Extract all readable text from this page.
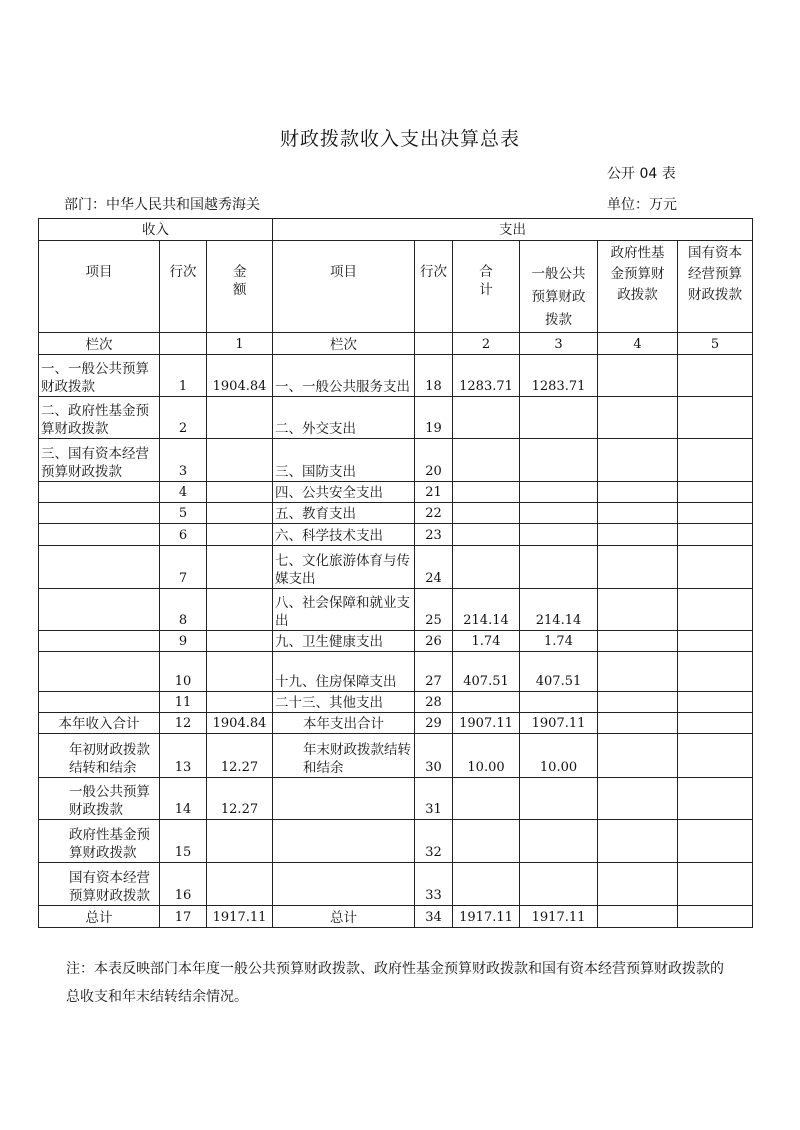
财政拨款收入支出决算总表
公开 04 表
部门：中华人民共和国越秀海关	单位：万元
收入			支出					
项目	行次	金额	项目	行次	合计	一般公共预算财政拨款	政府性基金预算财政拨款	国有资本经营预算财政拨款
栏次		1	栏次		2	3	4	5
一、一般公共预算财政拨款	1	1904.84	一、一般公共服务支出	18	1283.71	1283.71		
二、政府性基金预算财政拨款	2		二、外交支出	19				
三、国有资本经营预算财政拨款	3		三、国防支出	20				
	4		四、公共安全支出	21				
	5		五、教育支出	22				
	6		六、科学技术支出	23				
	7		七、文化旅游体育与传媒支出	24				
	8		八、社会保障和就业支出	25	214.14	214.14		
	9		九、卫生健康支出	26	1.74	1.74		
	10		十九、住房保障支出	27	407.51	407.51		
	11		二十三、其他支出	28				
本年收入合计	12	1904.84	本年支出合计	29	1907.11	1907.11		
年初财政拨款结转和结余	13	12.27	年末财政拨款结转和结余	30	10.00	10.00		
一般公共预算财政拨款	14	12.27		31				
政府性基金预算财政拨款	15			32				
国有资本经营预算财政拨款	16			33				
总计	17	1917.11	总计	34	1917.11	1917.11		
注：本表反映部门本年度一般公共预算财政拨款、政府性基金预算财政拨款和国有资本经营预算财政拨款的总收支和年末结转结余情况。
